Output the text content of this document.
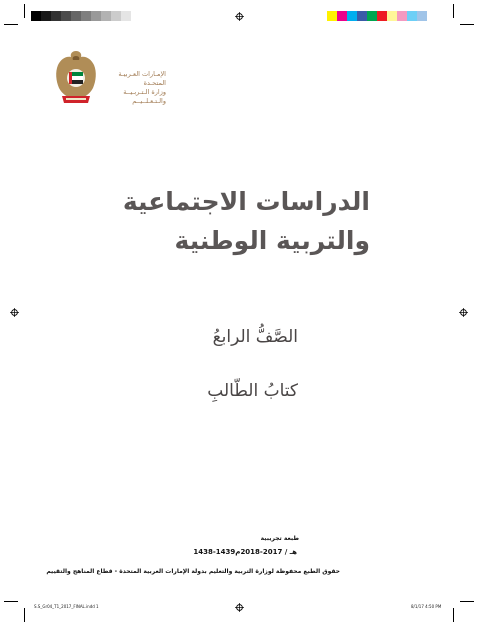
الإمـارات العـربيـة المتحـدة
وزارة الـتـربـيــة والـتـعـلــيــم
الدراسات الاجتماعية
والتربية الوطنية
الصَّفُّ الرابعُ
كتابُ الطّالبِ
طبعة تجريبية
1438-1439هـ / 2017-2018م
حقوق الطبع محفوظة لوزارة التربية والتعليم بدولة الإمارات العربية المتحدة - قطاع المناهج والتقييم
S.S_Gr04_T1_2017_FINAL.indd 1	8/1/17 4:50 PM
